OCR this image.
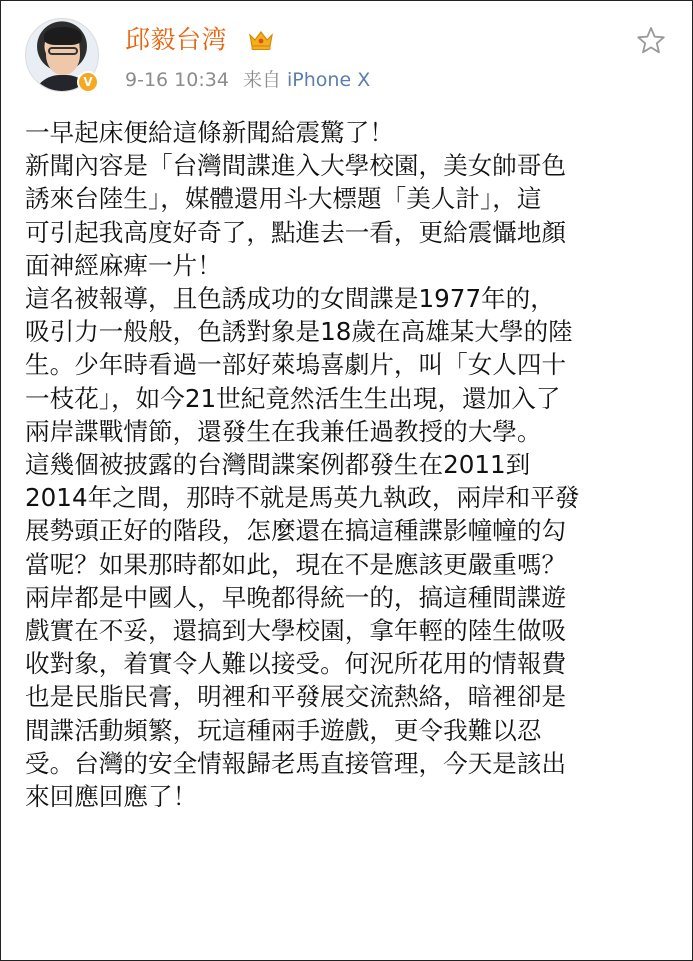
V
邱毅台湾
9-16 10:34 来自 iPhone X

一早起床便給這條新聞給震驚了！

新聞內容是「台灣間諜進入大學校園，美女帥哥色

誘來台陸生」，媒體還用斗大標題「美人計」，這

可引起我高度好奇了，點進去一看，更給震懾地顏

面神經麻痺一片！

這名被報導，且色誘成功的女間諜是1977年的，

吸引力一般般，色誘對象是18歲在高雄某大學的陸

生。少年時看過一部好萊塢喜劇片，叫「女人四十

一枝花」，如今21世紀竟然活生生出現，還加入了

兩岸諜戰情節，還發生在我兼任過教授的大學。

這幾個被披露的台灣間諜案例都發生在2011到

2014年之間，那時不就是馬英九執政，兩岸和平發

展勢頭正好的階段，怎麼還在搞這種諜影幢幢的勾

當呢？如果那時都如此，現在不是應該更嚴重嗎？

兩岸都是中國人，早晚都得統一的，搞這種間諜遊

戲實在不妥，還搞到大學校園，拿年輕的陸生做吸

收對象，着實令人難以接受。何況所花用的情報費

也是民脂民膏，明裡和平發展交流熱絡，暗裡卻是

間諜活動頻繁，玩這種兩手遊戲，更令我難以忍

受。台灣的安全情報歸老馬直接管理，今天是該出

來回應回應了！
